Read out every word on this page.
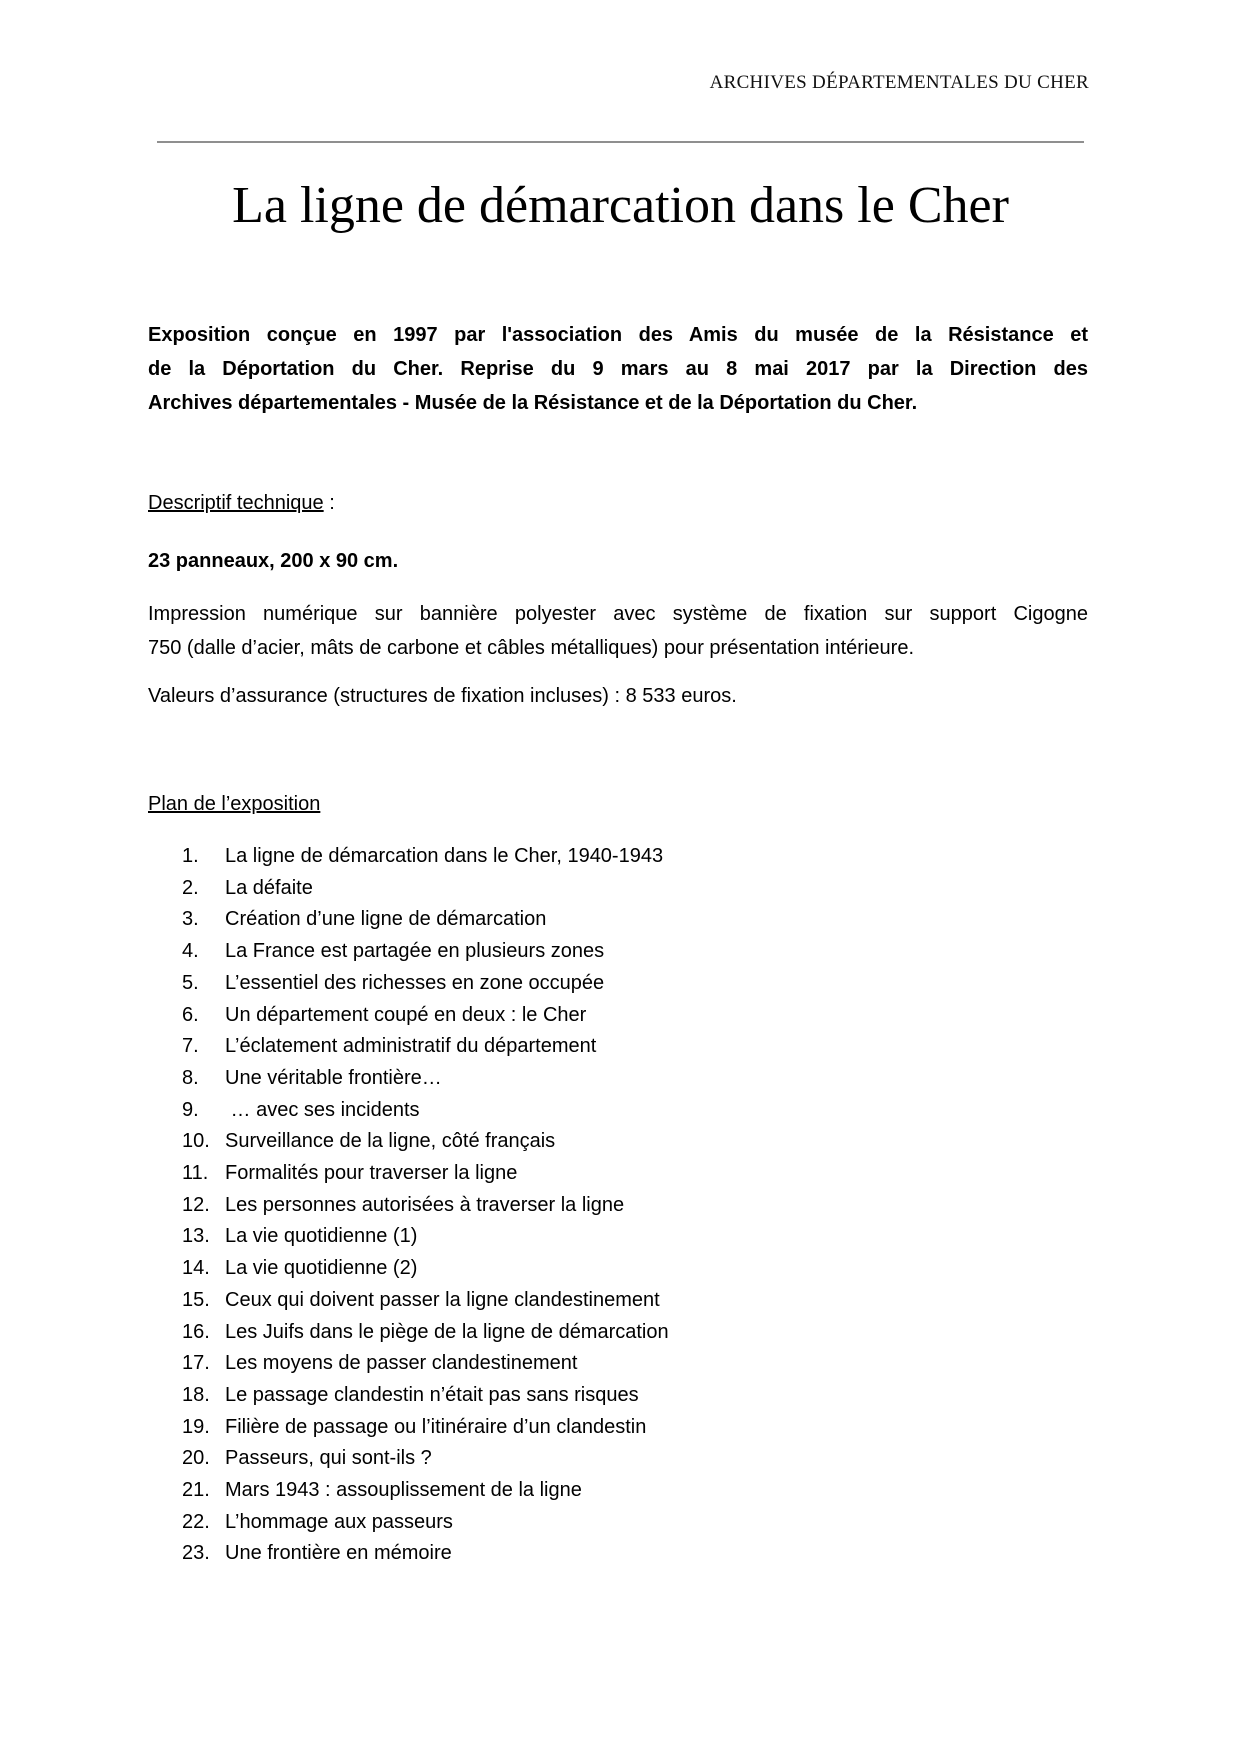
ARCHIVES DÉPARTEMENTALES DU CHER
La ligne de démarcation dans le Cher
Exposition conçue en 1997 par l'association des Amis du musée de la Résistance et
de la Déportation du Cher. Reprise du 9 mars au 8 mai 2017 par la Direction des
Archives départementales - Musée de la Résistance et de la Déportation du Cher.
Descriptif technique :
23 panneaux, 200 x 90 cm.
Impression numérique sur bannière polyester avec système de fixation sur support Cigogne
750 (dalle d’acier, mâts de carbone et câbles métalliques) pour présentation intérieure.
Valeurs d’assurance (structures de fixation incluses) : 8 533 euros.
Plan de l’exposition
1. La ligne de démarcation dans le Cher, 1940-1943
2. La défaite
3. Création d’une ligne de démarcation
4. La France est partagée en plusieurs zones
5. L’essentiel des richesses en zone occupée
6. Un département coupé en deux : le Cher
7. L’éclatement administratif du département
8. Une véritable frontière…
9. … avec ses incidents
10. Surveillance de la ligne, côté français
11. Formalités pour traverser la ligne
12. Les personnes autorisées à traverser la ligne
13. La vie quotidienne (1)
14. La vie quotidienne (2)
15. Ceux qui doivent passer la ligne clandestinement
16. Les Juifs dans le piège de la ligne de démarcation
17. Les moyens de passer clandestinement
18. Le passage clandestin n’était pas sans risques
19. Filière de passage ou l’itinéraire d’un clandestin
20. Passeurs, qui sont-ils ?
21. Mars 1943 : assouplissement de la ligne
22. L’hommage aux passeurs
23. Une frontière en mémoire
